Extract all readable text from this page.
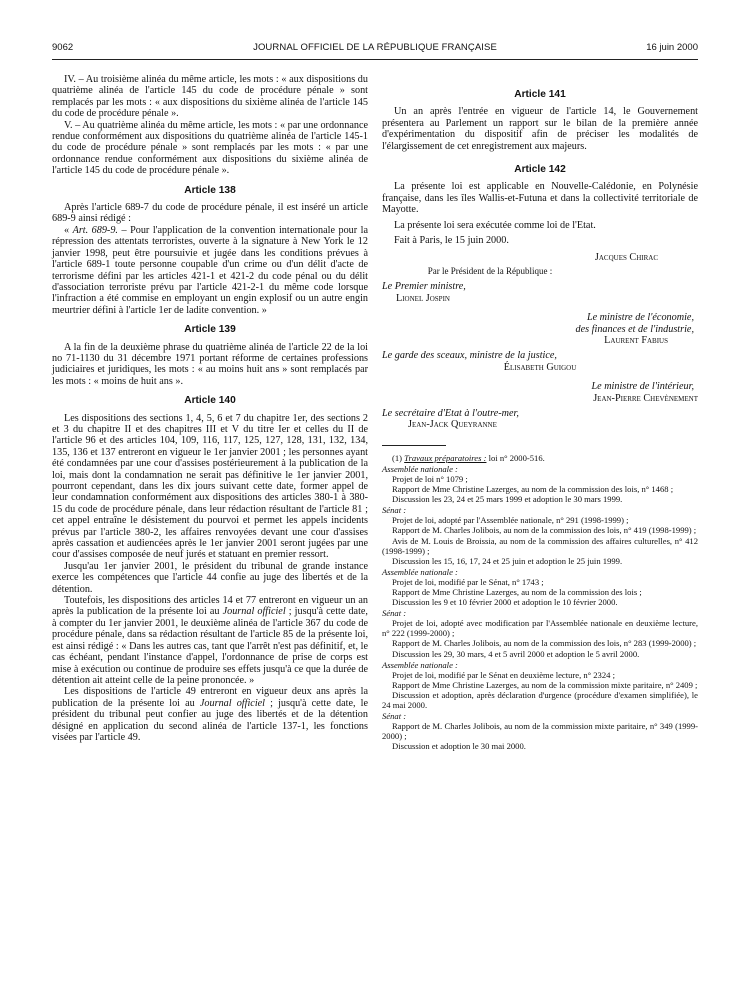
9062	JOURNAL OFFICIEL DE LA RÉPUBLIQUE FRANÇAISE	16 juin 2000

IV. – Au troisième alinéa du même article, les mots : « aux dispositions du quatrième alinéa de l'article 145 du code de procédure pénale » sont remplacés par les mots : « aux dispositions du sixième alinéa de l'article 145 du code de procédure pénale ».

V. – Au quatrième alinéa du même article, les mots : « par une ordonnance rendue conformément aux dispositions du quatrième alinéa de l'article 145-1 du code de procédure pénale » sont remplacés par les mots : « par une ordonnance rendue conformément aux dispositions du sixième alinéa de l'article 145 du code de procédure pénale ».

Article 138

Après l'article 689-7 du code de procédure pénale, il est inséré un article 689-9 ainsi rédigé :

« Art. 689-9. – Pour l'application de la convention internationale pour la répression des attentats terroristes, ouverte à la signature à New York le 12 janvier 1998, peut être poursuivie et jugée dans les conditions prévues à l'article 689-1 toute personne coupable d'un crime ou d'un délit d'acte de terrorisme défini par les articles 421-1 et 421-2 du code pénal ou du délit d'association terroriste prévu par l'article 421-2-1 du même code lorsque l'infraction a été commise en employant un engin explosif ou un autre engin meurtrier défini à l'article 1er de ladite convention. »

Article 139

A la fin de la deuxième phrase du quatrième alinéa de l'article 22 de la loi no 71-1130 du 31 décembre 1971 portant réforme de certaines professions judiciaires et juridiques, les mots : « au moins huit ans » sont remplacés par les mots : « moins de huit ans ».

Article 140

Les dispositions des sections 1, 4, 5, 6 et 7 du chapitre 1er, des sections 2 et 3 du chapitre II et des chapitres III et V du titre Ier et celles du II de l'article 96 et des articles 104, 109, 116, 117, 125, 127, 128, 131, 132, 134, 135, 136 et 137 entreront en vigueur le 1er janvier 2001 ; les personnes ayant été condamnées par une cour d'assises postérieurement à la publication de la loi, mais dont la condamnation ne serait pas définitive le 1er janvier 2001, pourront cependant, dans les dix jours suivant cette date, former appel de leur condamnation conformément aux dispositions des articles 380-1 à 380-15 du code de procédure pénale, dans leur rédaction résultant de l'article 81 ; cet appel entraîne le désistement du pourvoi et permet les appels incidents prévus par l'article 380-2, les affaires renvoyées devant une cour d'assises après cassation et audiencées après le 1er janvier 2001 seront jugées par une cour d'assises composée de neuf jurés et statuant en premier ressort.

Jusqu'au 1er janvier 2001, le président du tribunal de grande instance exerce les compétences que l'article 44 confie au juge des libertés et de la détention.

Toutefois, les dispositions des articles 14 et 77 entreront en vigueur un an après la publication de la présente loi au Journal officiel ; jusqu'à cette date, à compter du 1er janvier 2001, le deuxième alinéa de l'article 367 du code de procédure pénale, dans sa rédaction résultant de l'article 85 de la présente loi, est ainsi rédigé : « Dans les autres cas, tant que l'arrêt n'est pas définitif, et, le cas échéant, pendant l'instance d'appel, l'ordonnance de prise de corps est mise à exécution ou continue de produire ses effets jusqu'à ce que la durée de détention ait atteint celle de la peine prononcée. »

Les dispositions de l'article 49 entreront en vigueur deux ans après la publication de la présente loi au Journal officiel ; jusqu'à cette date, le président du tribunal peut confier au juge des libertés et de la détention désigné en application du second alinéa de l'article 137-1, les fonctions visées par l'article 49.

Article 141

Un an après l'entrée en vigueur de l'article 14, le Gouvernement présentera au Parlement un rapport sur le bilan de la première année d'expérimentation du dispositif afin de préciser les modalités de l'élargissement de cet enregistrement aux majeurs.

Article 142

La présente loi est applicable en Nouvelle-Calédonie, en Polynésie française, dans les îles Wallis-et-Futuna et dans la collectivité territoriale de Mayotte.

La présente loi sera exécutée comme loi de l'Etat.

Fait à Paris, le 15 juin 2000.

Jacques Chirac
Par le Président de la République :
Le Premier ministre,
Lionel Jospin
Le ministre de l'économie,
des finances et de l'industrie,
Laurent Fabius
Le garde des sceaux, ministre de la justice,
Élisabeth Guigou
Le ministre de l'intérieur,
Jean-Pierre Chevènement
Le secrétaire d'Etat à l'outre-mer,
Jean-Jack Queyranne

(1) Travaux préparatoires : loi n° 2000-516.

Assemblée nationale :

Projet de loi n° 1079 ;

Rapport de Mme Christine Lazerges, au nom de la commission des lois, n° 1468 ;

Discussion les 23, 24 et 25 mars 1999 et adoption le 30 mars 1999.

Sénat :

Projet de loi, adopté par l'Assemblée nationale, n° 291 (1998-1999) ;

Rapport de M. Charles Jolibois, au nom de la commission des lois, n° 419 (1998-1999) ;

Avis de M. Louis de Broissia, au nom de la commission des affaires culturelles, n° 412 (1998-1999) ;

Discussion les 15, 16, 17, 24 et 25 juin et adoption le 25 juin 1999.

Assemblée nationale :

Projet de loi, modifié par le Sénat, n° 1743 ;

Rapport de Mme Christine Lazerges, au nom de la commission des lois ;

Discussion les 9 et 10 février 2000 et adoption le 10 février 2000.

Sénat :

Projet de loi, adopté avec modification par l'Assemblée nationale en deuxième lecture, n° 222 (1999-2000) ;

Rapport de M. Charles Jolibois, au nom de la commission des lois, n° 283 (1999-2000) ;

Discussion les 29, 30 mars, 4 et 5 avril 2000 et adoption le 5 avril 2000.

Assemblée nationale :

Projet de loi, modifié par le Sénat en deuxième lecture, n° 2324 ;

Rapport de Mme Christine Lazerges, au nom de la commission mixte paritaire, n° 2409 ;

Discussion et adoption, après déclaration d'urgence (procédure d'examen simplifiée), le 24 mai 2000.

Sénat :

Rapport de M. Charles Jolibois, au nom de la commission mixte paritaire, n° 349 (1999-2000) ;

Discussion et adoption le 30 mai 2000.
